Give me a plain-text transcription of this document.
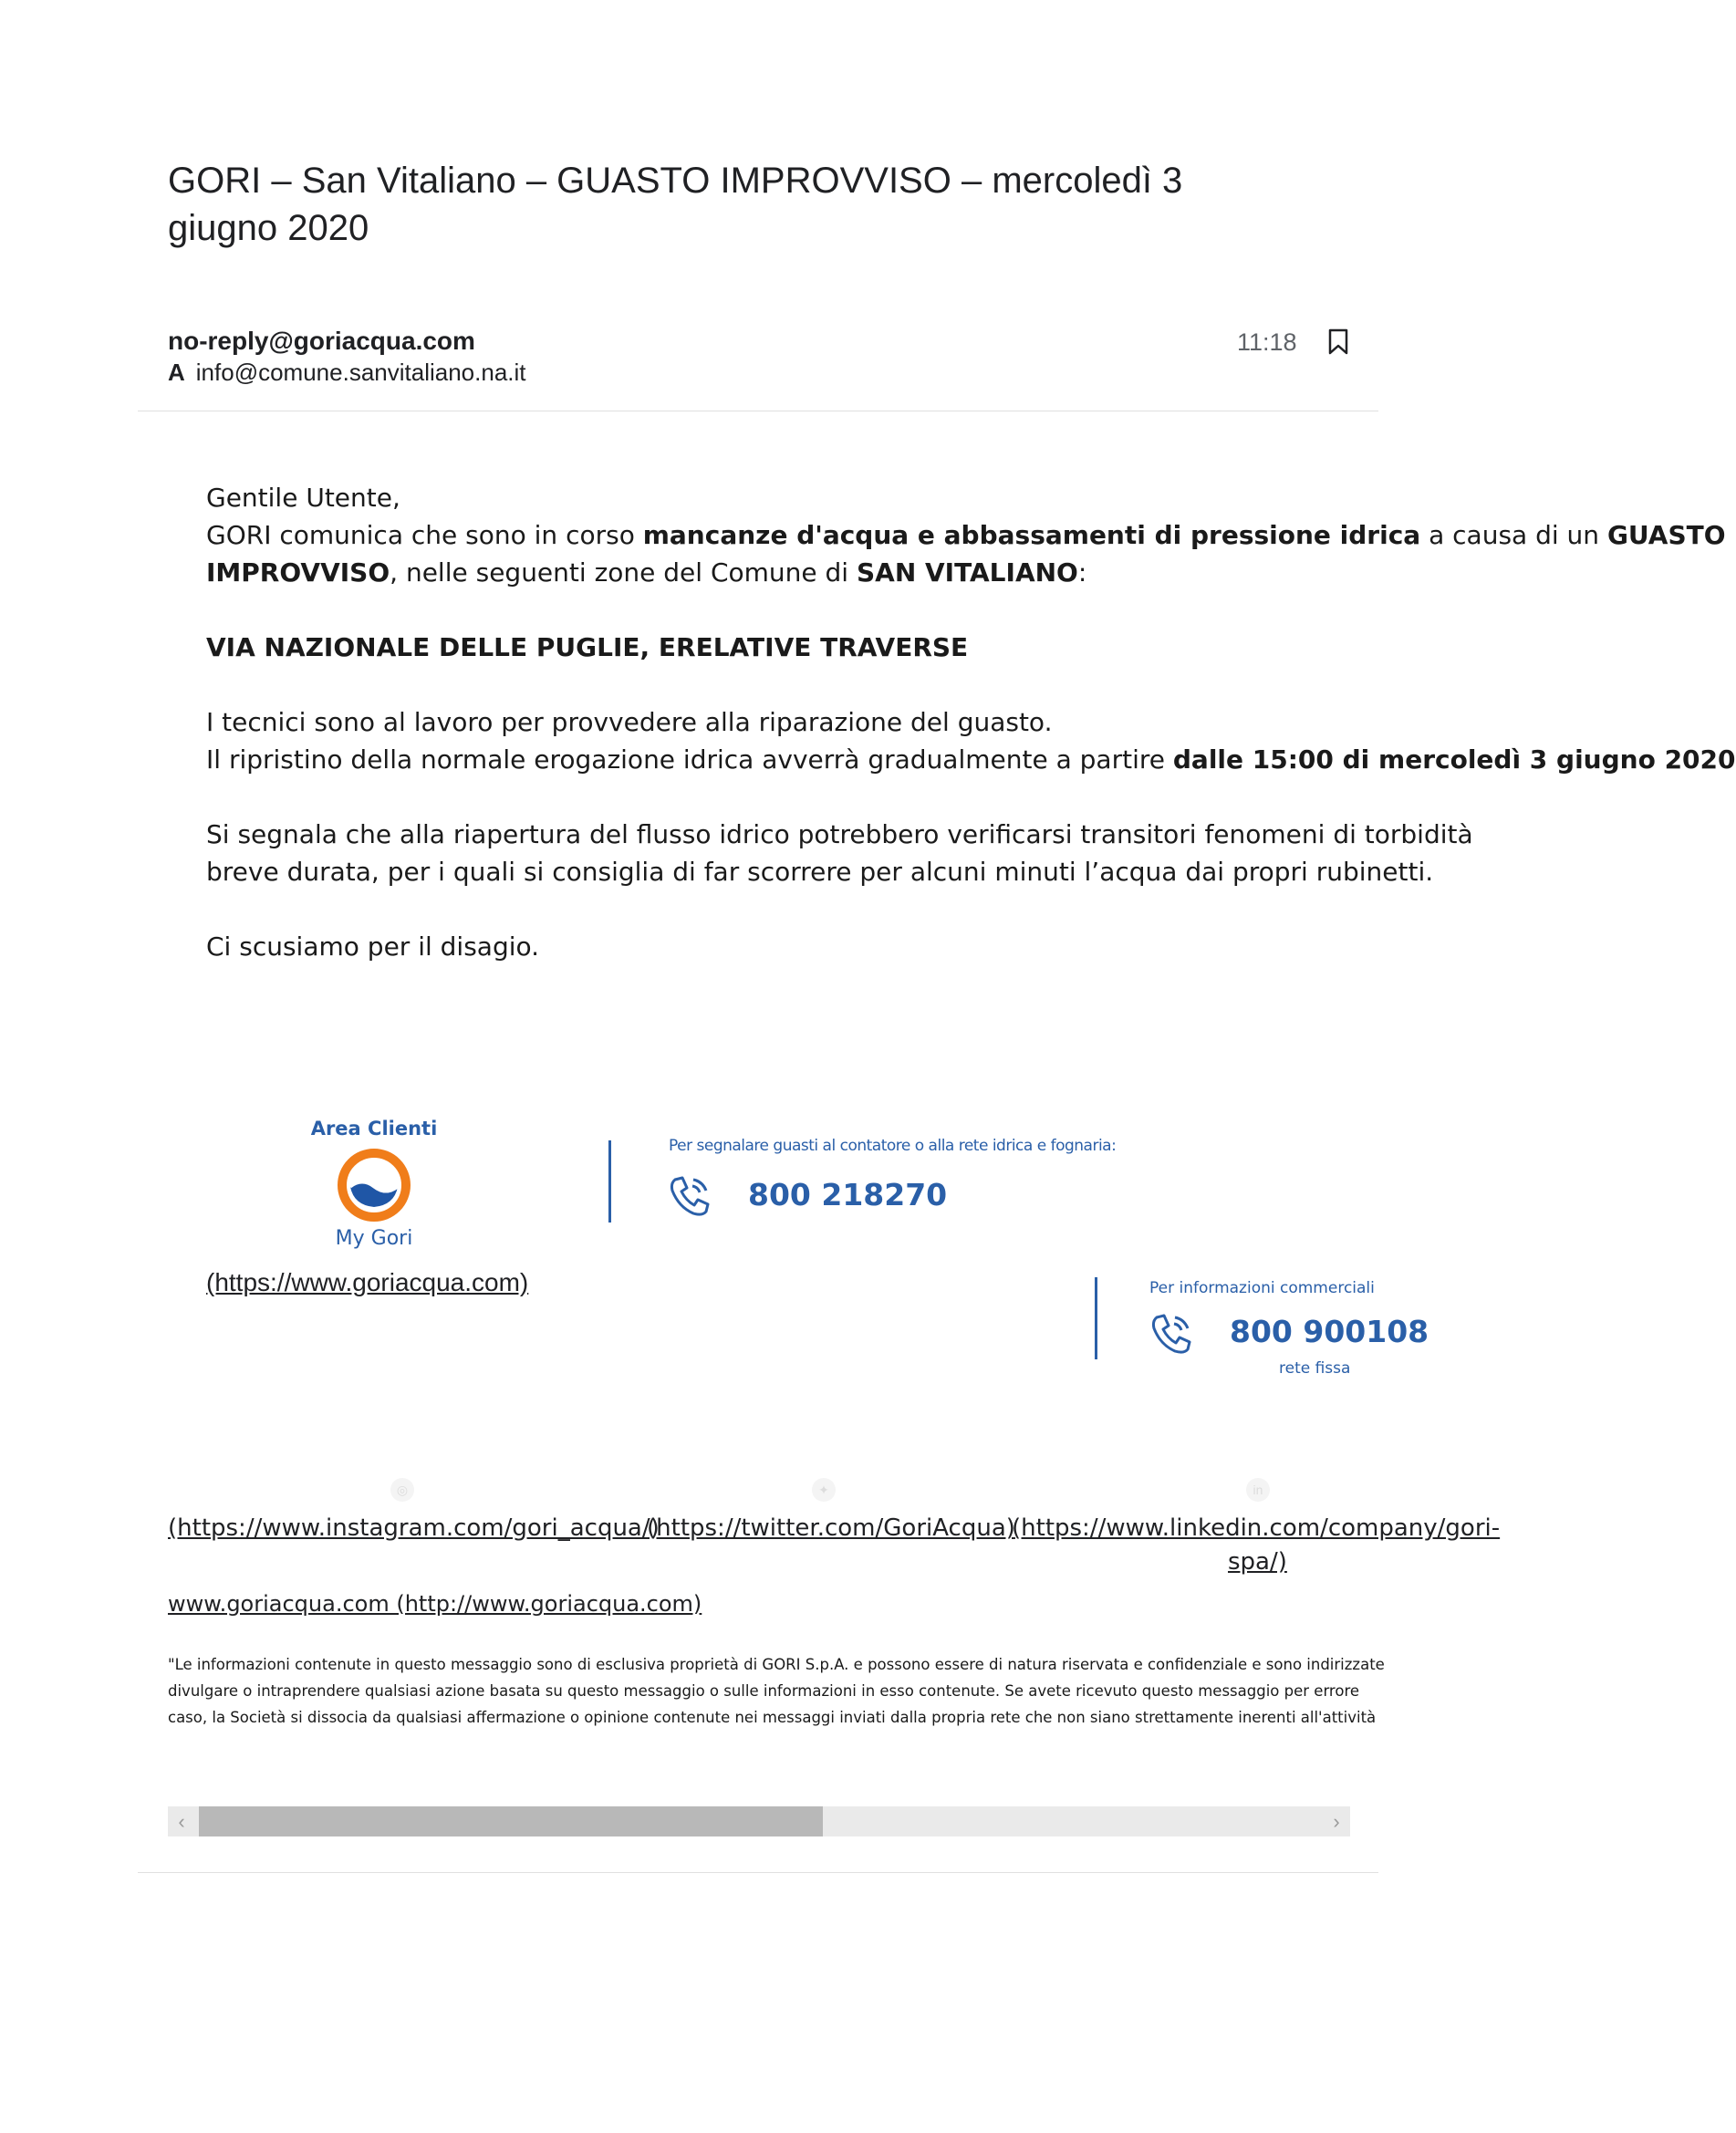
GORI – San Vitaliano – GUASTO IMPROVVISO – mercoledì 3 giugno 2020
no-reply@goriacqua.com
A info@comune.sanvitaliano.na.it
11:18

Gentile Utente,

GORI comunica che sono in corso mancanze d'acqua e abbassamenti di pressione idrica a causa di un GUASTO

IMPROVVISO, nelle seguenti zone del Comune di SAN VITALIANO:

VIA NAZIONALE DELLE PUGLIE, ERELATIVE TRAVERSE

I tecnici sono al lavoro per provvedere alla riparazione del guasto.

Il ripristino della normale erogazione idrica avverrà gradualmente a partire dalle 15:00 di mercoledì 3 giugno 2020

Si segnala che alla riapertura del flusso idrico potrebbero verificarsi transitori fenomeni di torbidità

breve durata, per i quali si consiglia di far scorrere per alcuni minuti l’acqua dai propri rubinetti.

Ci scusiamo per il disagio.

Area Clienti
My Gori
Per segnalare guasti al contatore o alla rete idrica e fognaria:
800 218270
(https://www.goriacqua.com)	Per informazioni commerciali
800 900108
rete fissa
◎	✦	in
(https://www.instagram.com/gori_acqua/)
(https://twitter.com/GoriAcqua)
(https://www.linkedin.com/company/gori-
spa/)
www.goriacqua.com (http://www.goriacqua.com)

"Le informazioni contenute in questo messaggio sono di esclusiva proprietà di GORI S.p.A. e possono essere di natura riservata e confidenziale e sono indirizzate

divulgare o intraprendere qualsiasi azione basata su questo messaggio o sulle informazioni in esso contenute. Se avete ricevuto questo messaggio per errore

caso, la Società si dissocia da qualsiasi affermazione o opinione contenute nei messaggi inviati dalla propria rete che non siano strettamente inerenti all'attività

‹	›
